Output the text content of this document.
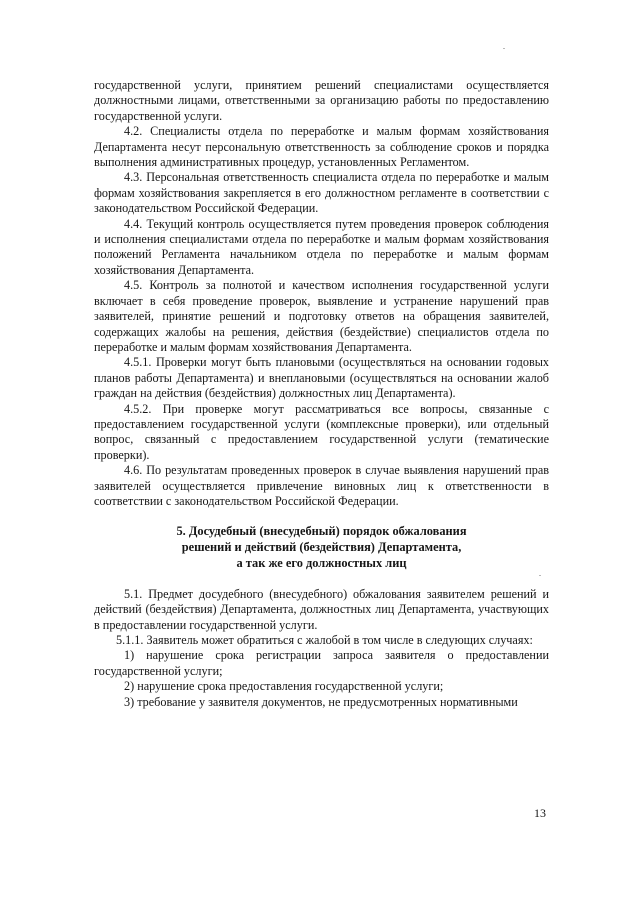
государственной услуги, принятием решений специалистами осуществляется должностными лицами, ответственными за организацию работы по предоставлению государственной услуги.

4.2. Специалисты отдела по переработке и малым формам хозяйствования Департамента несут персональную ответственность за соблюдение сроков и порядка выполнения административных процедур, установленных Регламентом.

4.3. Персональная ответственность специалиста отдела по переработке и малым формам хозяйствования закрепляется в его должностном регламенте в соответствии с законодательством Российской Федерации.

4.4. Текущий контроль осуществляется путем проведения проверок соблюдения и исполнения специалистами отдела по переработке и малым формам хозяйствования положений Регламента начальником отдела по переработке и малым формам хозяйствования Департамента.

4.5. Контроль за полнотой и качеством исполнения государственной услуги включает в себя проведение проверок, выявление и устранение нарушений прав заявителей, принятие решений и подготовку ответов на обращения заявителей, содержащих жалобы на решения, действия (бездействие) специалистов отдела по переработке и малым формам хозяйствования Департамента.

4.5.1. Проверки могут быть плановыми (осуществляться на основании годовых планов работы Департамента) и внеплановыми (осуществляться на основании жалоб граждан на действия (бездействия) должностных лиц Департамента).

4.5.2. При проверке могут рассматриваться все вопросы, связанные с предоставлением государственной услуги (комплексные проверки), или отдельный вопрос, связанный с предоставлением государственной услуги (тематические проверки).

4.6. По результатам проведенных проверок в случае выявления нарушений прав заявителей осуществляется привлечение виновных лиц к ответственности в соответствии с законодательством Российской Федерации.

5. Досудебный (внесудебный) порядок обжалования

решений и действий (бездействия) Департамента,

а так же его должностных лиц

5.1. Предмет досудебного (внесудебного) обжалования заявителем решений и действий (бездействия) Департамента, должностных лиц Департамента, участвующих в предоставлении государственной услуги.

5.1.1. Заявитель может обратиться с жалобой в том числе в следующих случаях:

1) нарушение срока регистрации запроса заявителя о предоставлении государственной услуги;

2) нарушение срока предоставления государственной услуги;

3) требование у заявителя документов, не предусмотренных нормативными

13
